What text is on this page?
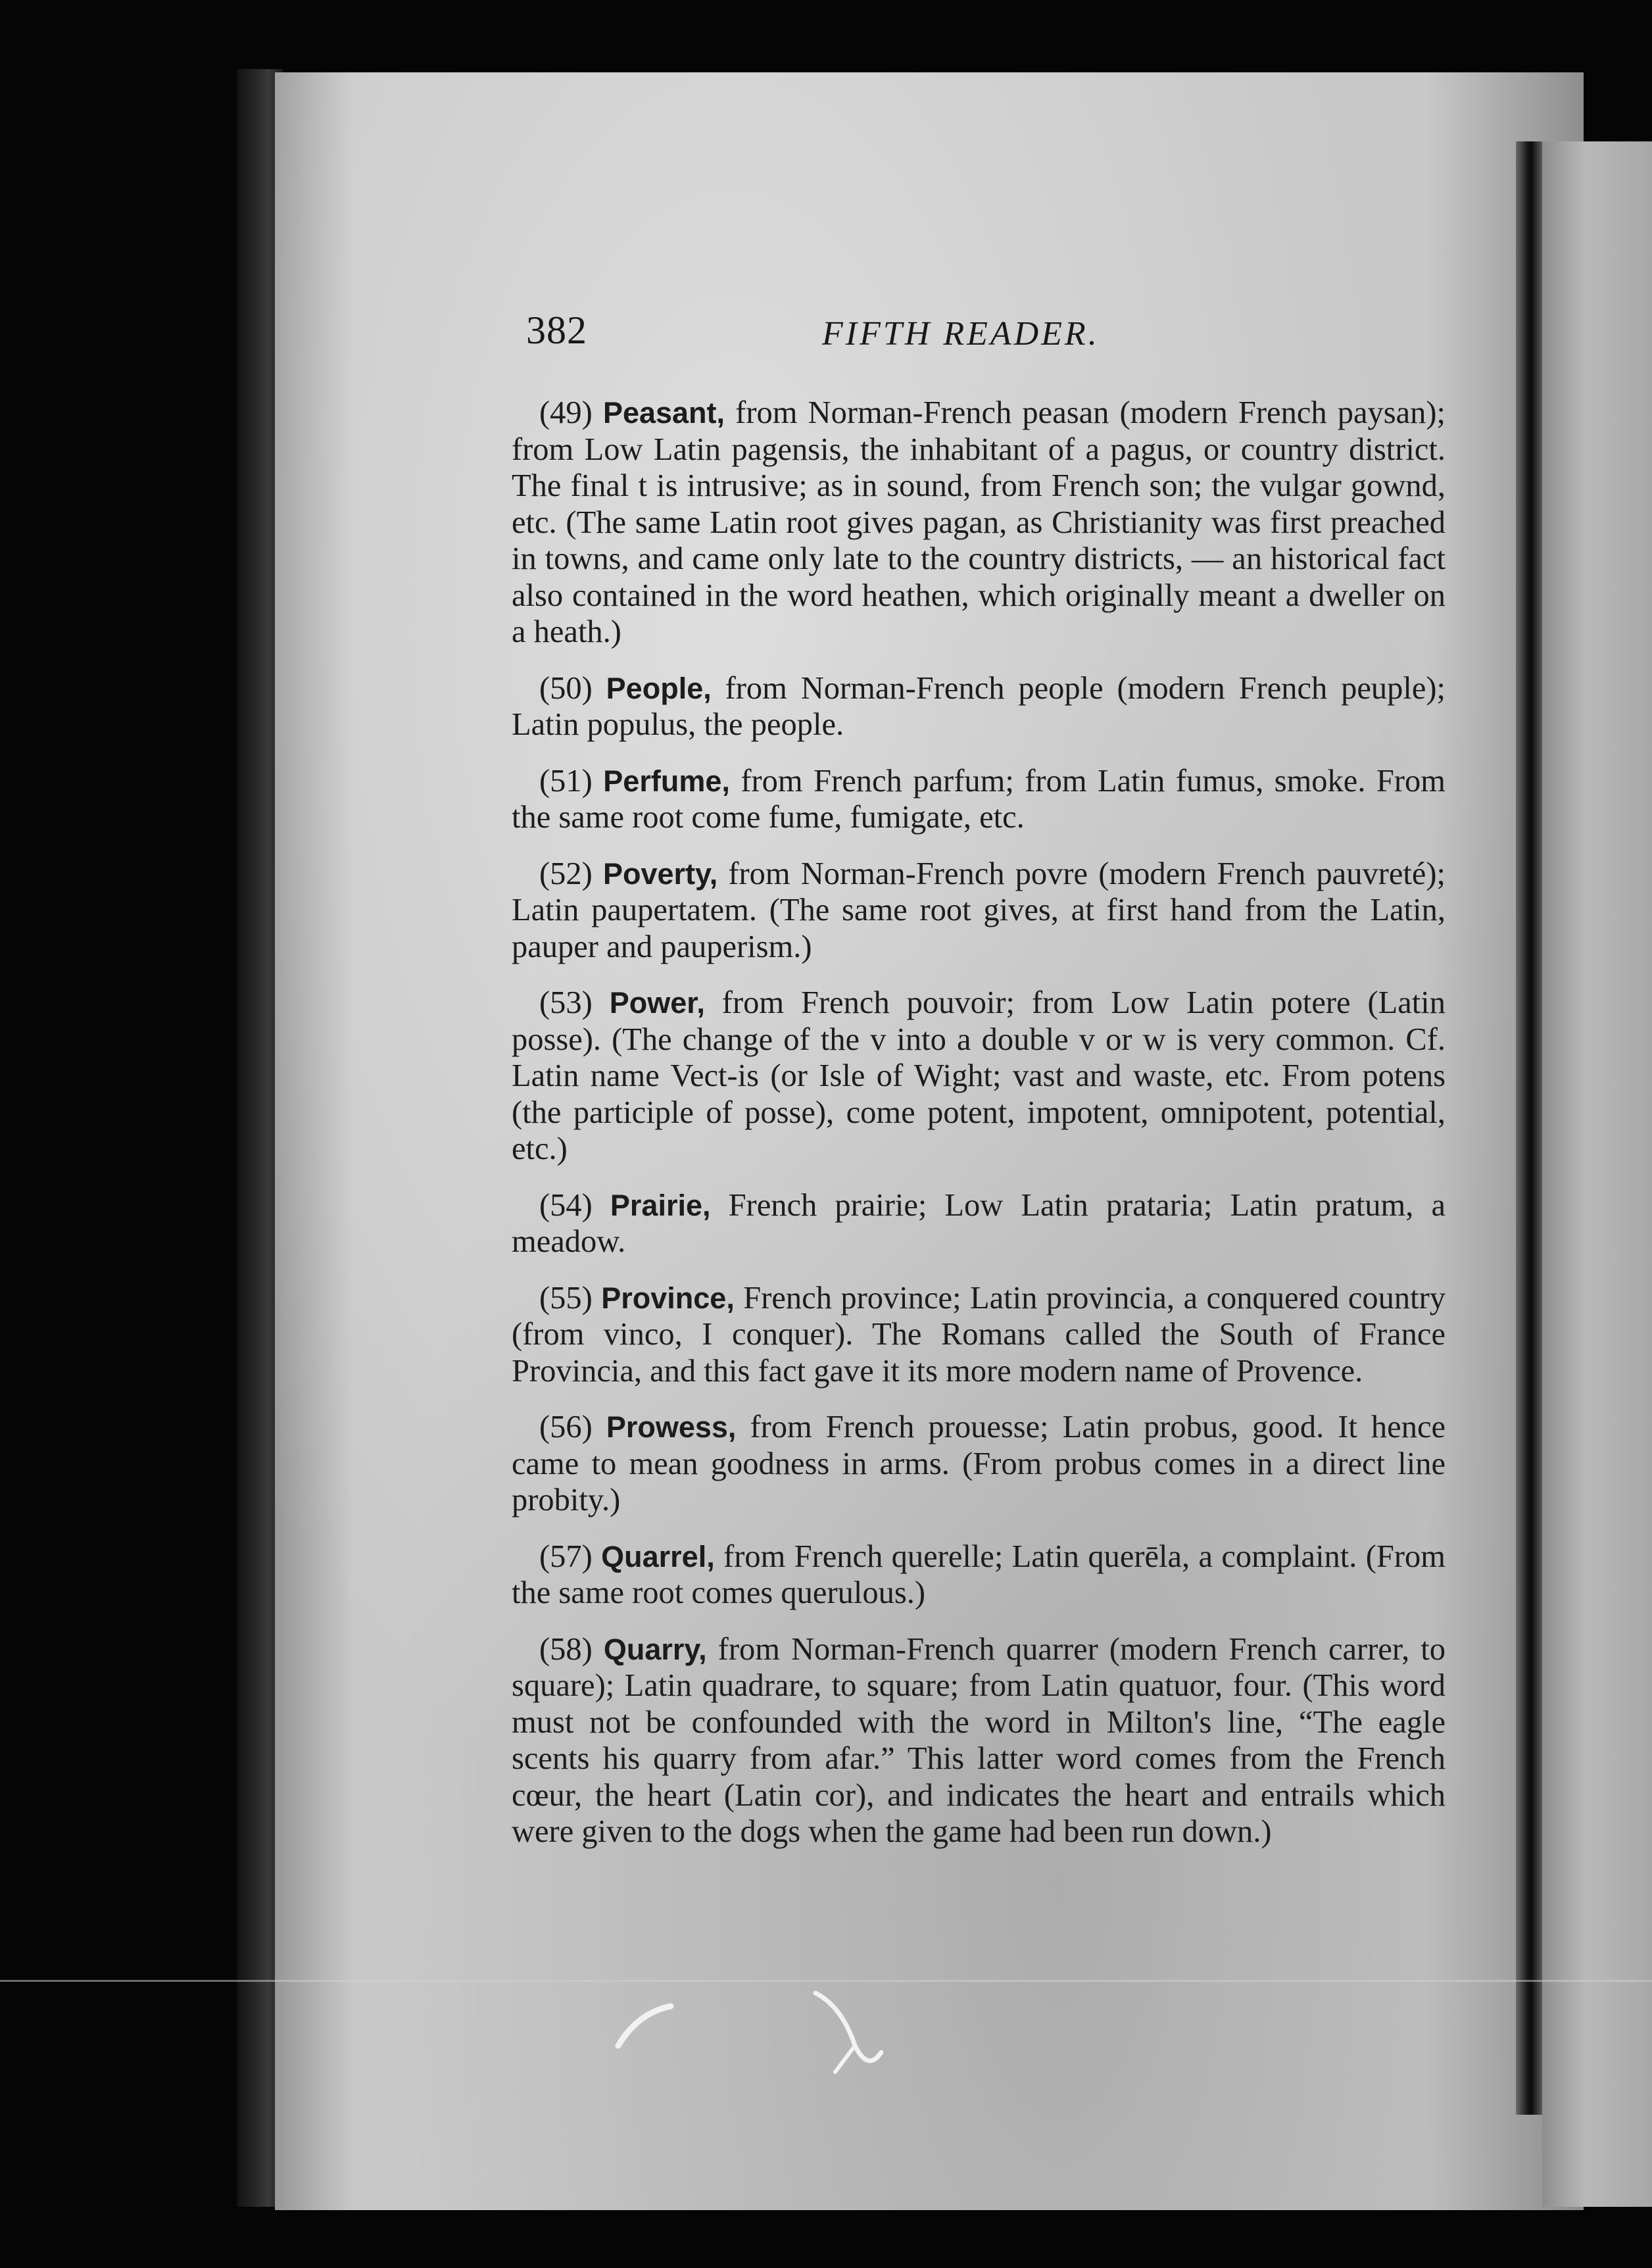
382	FIFTH READER.

(49) Peasant, from Norman-French peasan (modern French paysan); from Low Latin pagensis, the inhabitant of a pagus, or country district. The final t is intrusive; as in sound, from French son; the vulgar gownd, etc. (The same Latin root gives pagan, as Christianity was first preached in towns, and came only late to the country districts, — an historical fact also contained in the word heathen, which originally meant a dweller on a heath.)

(50) People, from Norman-French people (modern French peuple); Latin populus, the people.

(51) Perfume, from French parfum; from Latin fumus, smoke. From the same root come fume, fumigate, etc.

(52) Poverty, from Norman-French povre (modern French pauvreté); Latin paupertatem. (The same root gives, at first hand from the Latin, pauper and pauperism.)

(53) Power, from French pouvoir; from Low Latin potere (Latin posse). (The change of the v into a double v or w is very common. Cf. Latin name Vect-is (or Isle of Wight; vast and waste, etc. From potens (the participle of posse), come potent, impotent, omnipotent, potential, etc.)

(54) Prairie, French prairie; Low Latin prataria; Latin pratum, a meadow.

(55) Province, French province; Latin provincia, a conquered country (from vinco, I conquer). The Romans called the South of France Provincia, and this fact gave it its more modern name of Provence.

(56) Prowess, from French prouesse; Latin probus, good. It hence came to mean goodness in arms. (From probus comes in a direct line probity.)

(57) Quarrel, from French querelle; Latin querēla, a complaint. (From the same root comes querulous.)

(58) Quarry, from Norman-French quarrer (modern French carrer, to square); Latin quadrare, to square; from Latin quatuor, four. (This word must not be confounded with the word in Milton's line, “The eagle scents his quarry from afar.” This latter word comes from the French cœur, the heart (Latin cor), and indicates the heart and entrails which were given to the dogs when the game had been run down.)
